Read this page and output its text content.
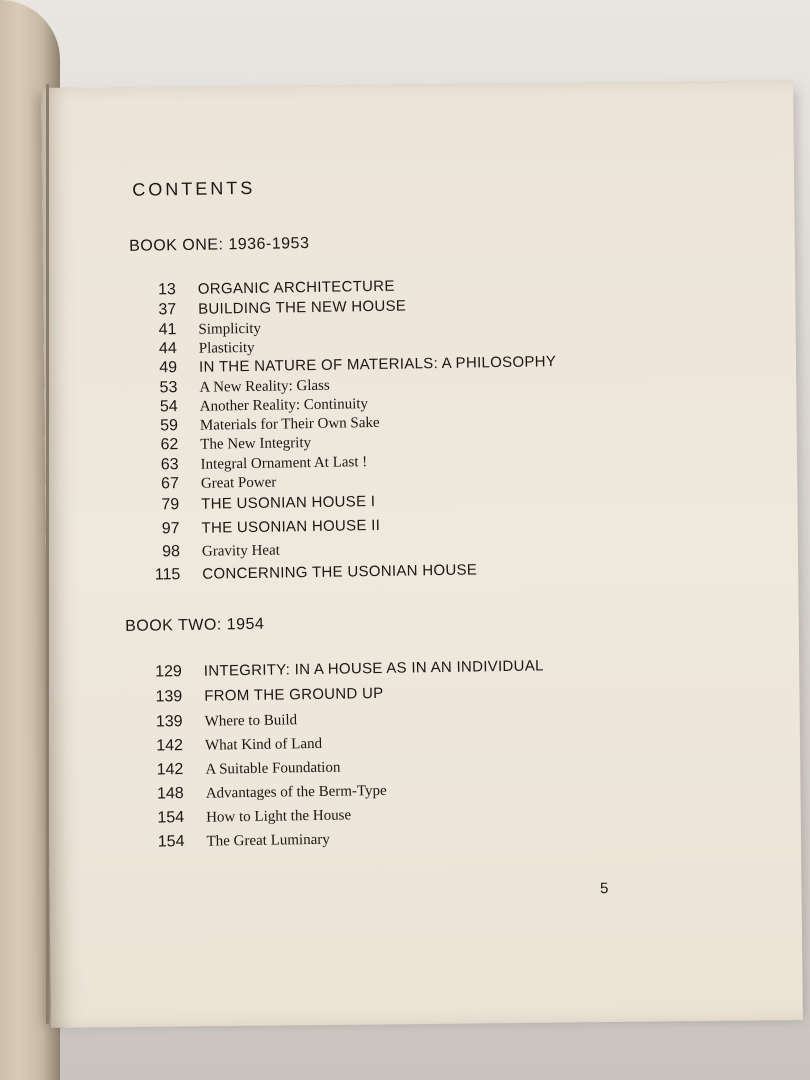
CONTENTS
BOOK ONE: 1936-1953
13	ORGANIC ARCHITECTURE
37	BUILDING THE NEW HOUSE
41	Simplicity
44	Plasticity
49	IN THE NATURE OF MATERIALS: A PHILOSOPHY
53	A New Reality: Glass
54	Another Reality: Continuity
59	Materials for Their Own Sake
62	The New Integrity
63	Integral Ornament At Last !
67	Great Power
79	THE USONIAN HOUSE I
97	THE USONIAN HOUSE II
98	Gravity Heat
115	CONCERNING THE USONIAN HOUSE
BOOK TWO: 1954
129	INTEGRITY: IN A HOUSE AS IN AN INDIVIDUAL
139	FROM THE GROUND UP
139	Where to Build
142	What Kind of Land
142	A Suitable Foundation
148	Advantages of the Berm-Type
154	How to Light the House
154	The Great Luminary
5
